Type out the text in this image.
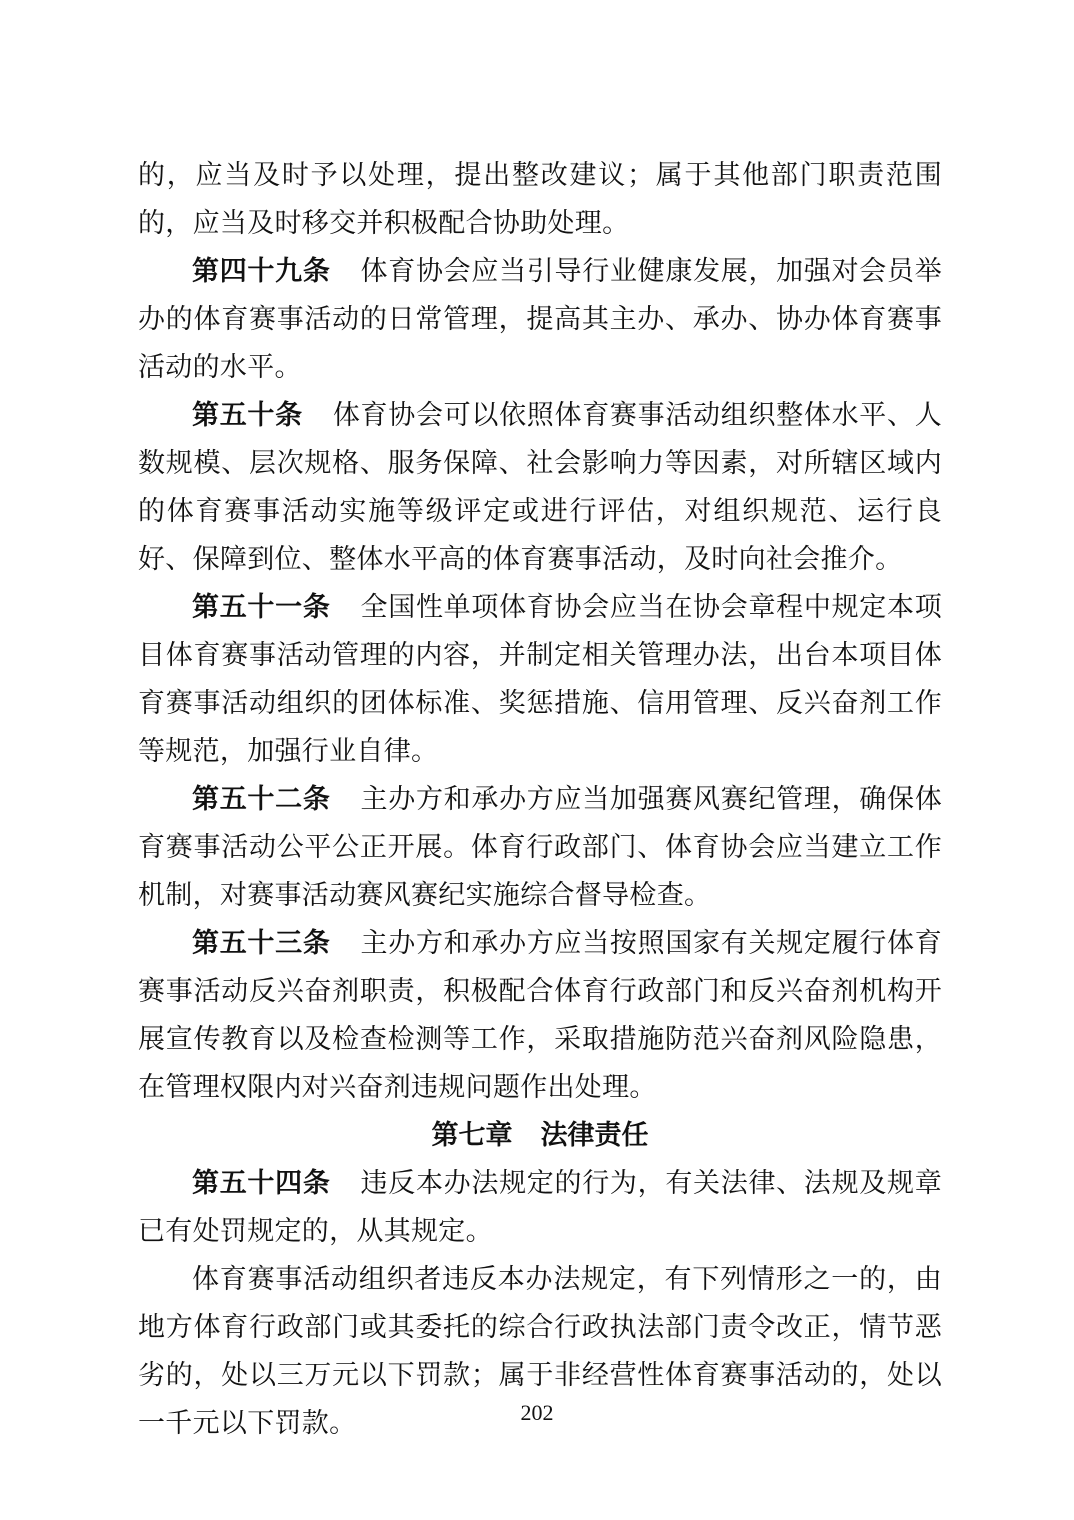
的，应当及时予以处理，提出整改建议；属于其他部门职责范围的，应当及时移交并积极配合协助处理。

第四十九条 体育协会应当引导行业健康发展，加强对会员举办的体育赛事活动的日常管理，提高其主办、承办、协办体育赛事活动的水平。

第五十条 体育协会可以依照体育赛事活动组织整体水平、人数规模、层次规格、服务保障、社会影响力等因素，对所辖区域内的体育赛事活动实施等级评定或进行评估，对组织规范、运行良好、保障到位、整体水平高的体育赛事活动，及时向社会推介。

第五十一条 全国性单项体育协会应当在协会章程中规定本项目体育赛事活动管理的内容，并制定相关管理办法，出台本项目体育赛事活动组织的团体标准、奖惩措施、信用管理、反兴奋剂工作等规范，加强行业自律。

第五十二条 主办方和承办方应当加强赛风赛纪管理，确保体育赛事活动公平公正开展。体育行政部门、体育协会应当建立工作机制，对赛事活动赛风赛纪实施综合督导检查。

第五十三条 主办方和承办方应当按照国家有关规定履行体育赛事活动反兴奋剂职责，积极配合体育行政部门和反兴奋剂机构开展宣传教育以及检查检测等工作，采取措施防范兴奋剂风险隐患，在管理权限内对兴奋剂违规问题作出处理。

第七章 法律责任

第五十四条 违反本办法规定的行为，有关法律、法规及规章已有处罚规定的，从其规定。

体育赛事活动组织者违反本办法规定，有下列情形之一的，由地方体育行政部门或其委托的综合行政执法部门责令改正，情节恶劣的，处以三万元以下罚款；属于非经营性体育赛事活动的，处以一千元以下罚款。	202
